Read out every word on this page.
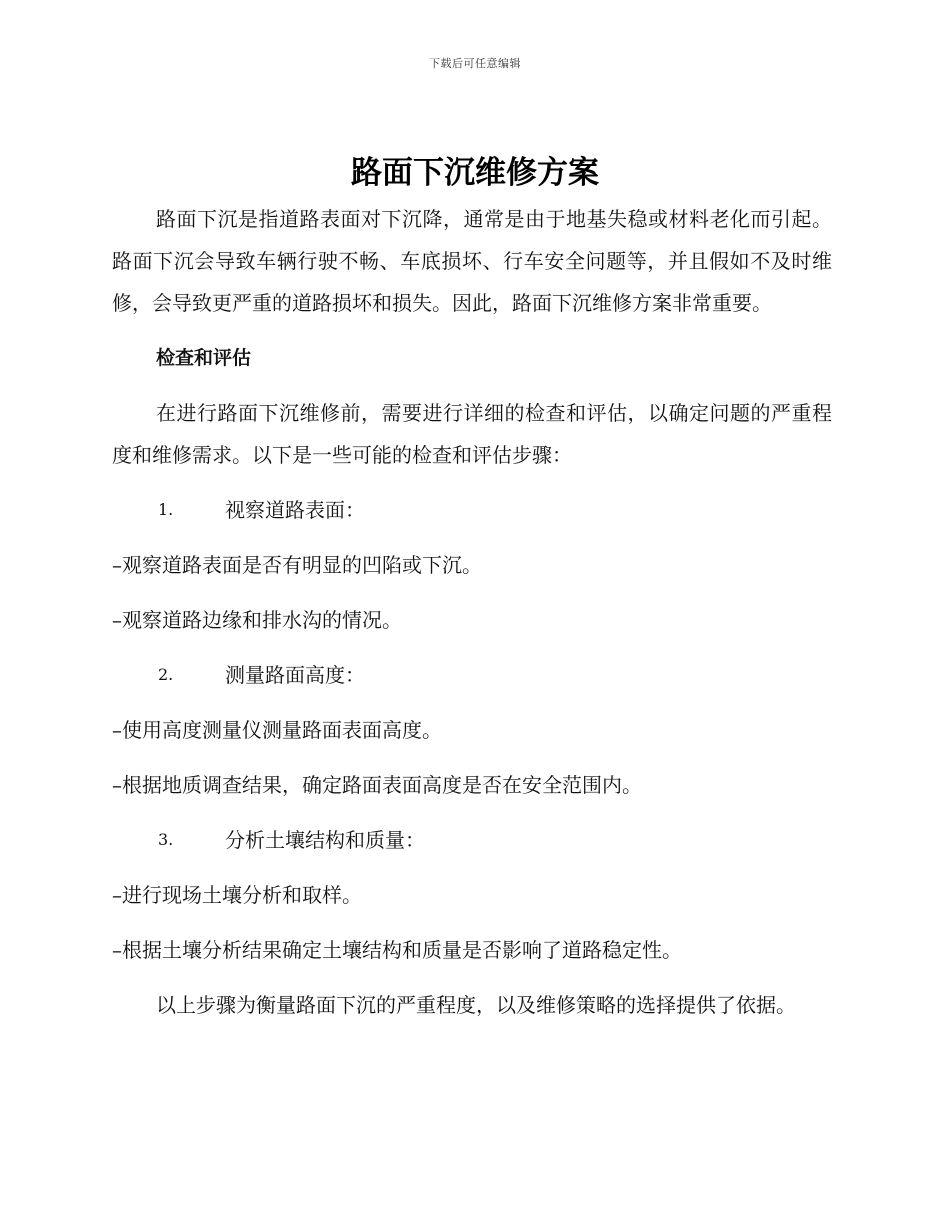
下载后可任意编辑
路面下沉维修方案

路面下沉是指道路表面对下沉降，通常是由于地基失稳或材料老化而引起。路面下沉会导致车辆行驶不畅、车底损坏、行车安全问题等，并且假如不及时维修，会导致更严重的道路损坏和损失。因此，路面下沉维修方案非常重要。

检查和评估

在进行路面下沉维修前，需要进行详细的检查和评估，以确定问题的严重程度和维修需求。以下是一些可能的检查和评估步骤：

1.	视察道路表面：

–观察道路表面是否有明显的凹陷或下沉。

–观察道路边缘和排水沟的情况。

2.	测量路面高度：

–使用高度测量仪测量路面表面高度。

–根据地质调查结果，确定路面表面高度是否在安全范围内。

3.	分析土壤结构和质量：

–进行现场土壤分析和取样。

–根据土壤分析结果确定土壤结构和质量是否影响了道路稳定性。

以上步骤为衡量路面下沉的严重程度，以及维修策略的选择提供了依据。
